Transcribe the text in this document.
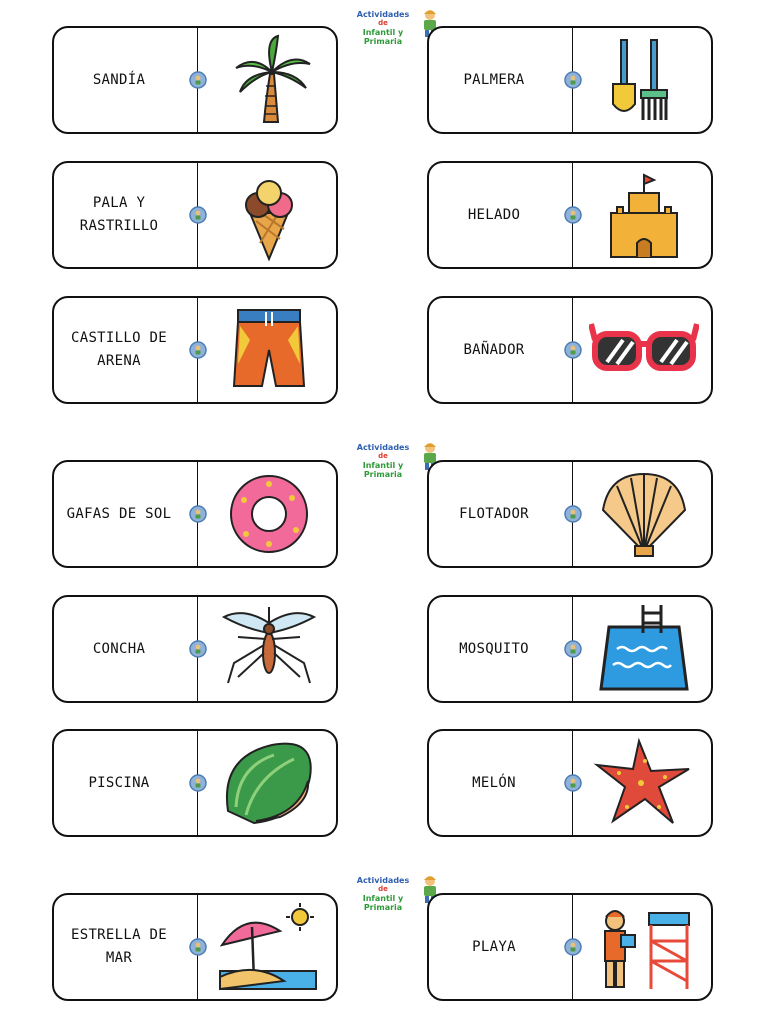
Actividades
de
Infantil y Primaria
Actividades
de
Infantil y Primaria
Actividades
de
Infantil y Primaria
SANDÍA	PALMERA
PALA Y
RASTRILLO
HELADO
CASTILLO DE
ARENA
BAÑADOR
GAFAS DE SOL	FLOTADOR
CONCHA	MOSQUITO
PISCINA	MELÓN
ESTRELLA DE
MAR
PLAYA
